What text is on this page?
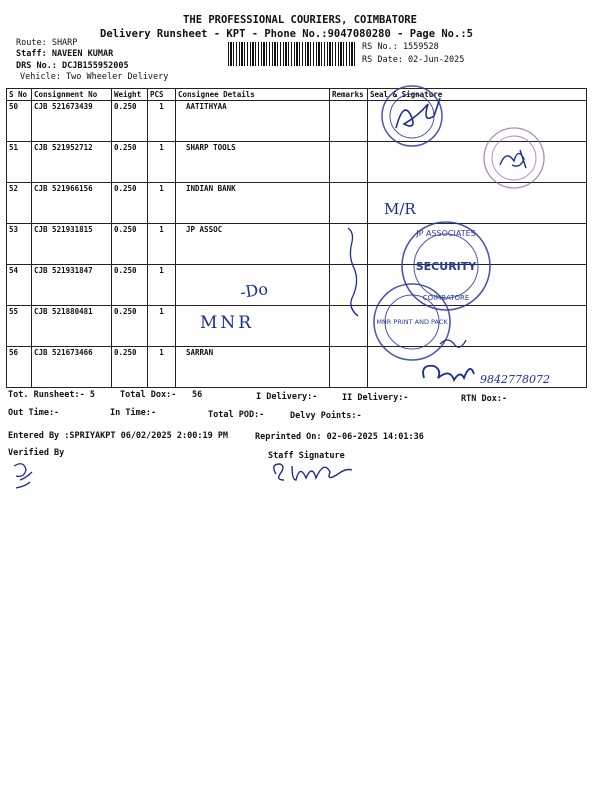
THE PROFESSIONAL COURIERS, COIMBATORE
Delivery Runsheet - KPT - Phone No.:9047080280 - Page No.:5
Route: SHARP
Staff: NAVEEN KUMAR
DRS No.: DCJB155952005
Vehicle: Two Wheeler Delivery
RS No.: 1559528
RS Date: 02-Jun-2025
S No	Consignment No	Weight	PCS	Consignee Details	Remarks	Seal & Signature
50	CJB 521673439	0.250	1	AATITHYAA		
51	CJB 521952712	0.250	1	SHARP TOOLS		
52	CJB 521966156	0.250	1	INDIAN BANK		
53	CJB 521931815	0.250	1	JP ASSOC		
54	CJB 521931847	0.250	1			
55	CJB 521880481	0.250	1			
56	CJB 521673466	0.250	1	SARRAN		
-Do
MNR
M/R
9842778072
JP ASSOCIATES
SECURITY
COIMBATORE
MNR PRINT AND PACK
Tot. Runsheet:- 5	Total Dox:- 56	I Delivery:-	II Delivery:-	RTN Dox:-
Out Time:-	In Time:-	Total POD:-	Delvy Points:-
Entered By :SPRIYAKPT 06/02/2025 2:00:19 PM	Reprinted On: 02-06-2025 14:01:36
Verified By	Staff Signature
